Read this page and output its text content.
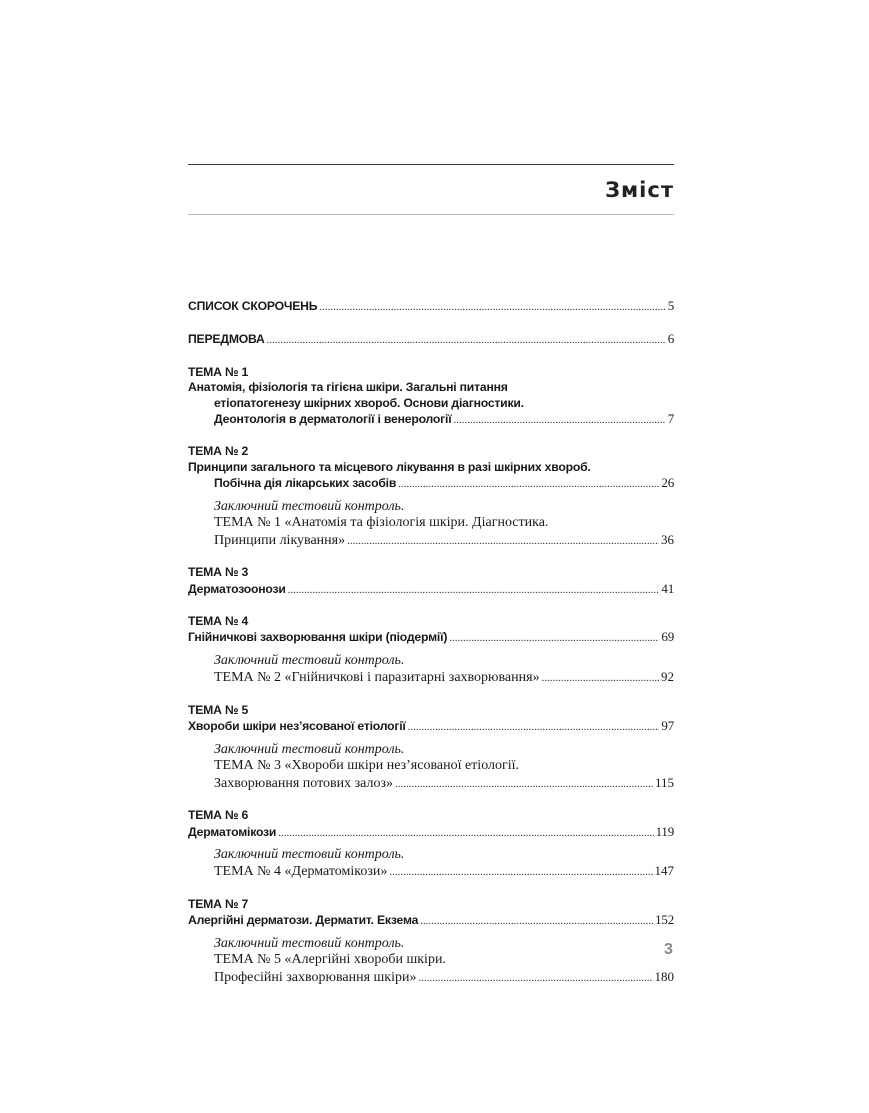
Зміст
СПИСОК СКОРОЧЕНЬ .....	5
ПЕРЕДМОВА .....	6
ТЕМА № 1
Анатомія, фізіологія та гігієна шкіри. Загальні питання
етіопатогенезу шкірних хвороб. Основи діагностики.
Деонтологія в дерматології і венерології .....	7
ТЕМА № 2
Принципи загального та місцевого лікування в разі шкірних хвороб.
Побічна дія лікарських засобів .....	26
Заключний тестовий контроль.
ТЕМА № 1 «Анатомія та фізіологія шкіри. Діагностика.
Принципи лікування» .....	36
ТЕМА № 3
Дерматозоонози .....	41
ТЕМА № 4
Гнійничкові захворювання шкіри (піодермії) .....	69
Заключний тестовий контроль.
ТЕМА № 2 «Гнійничкові і паразитарні захворювання» .....	92
ТЕМА № 5
Хвороби шкіри нез’ясованої етіології .....	97
Заключний тестовий контроль.
ТЕМА № 3 «Хвороби шкіри нез’ясованої етіології.
Захворювання потових залоз» .....	115
ТЕМА № 6
Дерматомікози .....	119
Заключний тестовий контроль.
ТЕМА № 4 «Дерматомікози» .....	147
ТЕМА № 7
Алергійні дерматози. Дерматит. Екзема .....	152
Заключний тестовий контроль.
ТЕМА № 5 «Алергійні хвороби шкіри.
Професійні захворювання шкіри» .....	180
3
